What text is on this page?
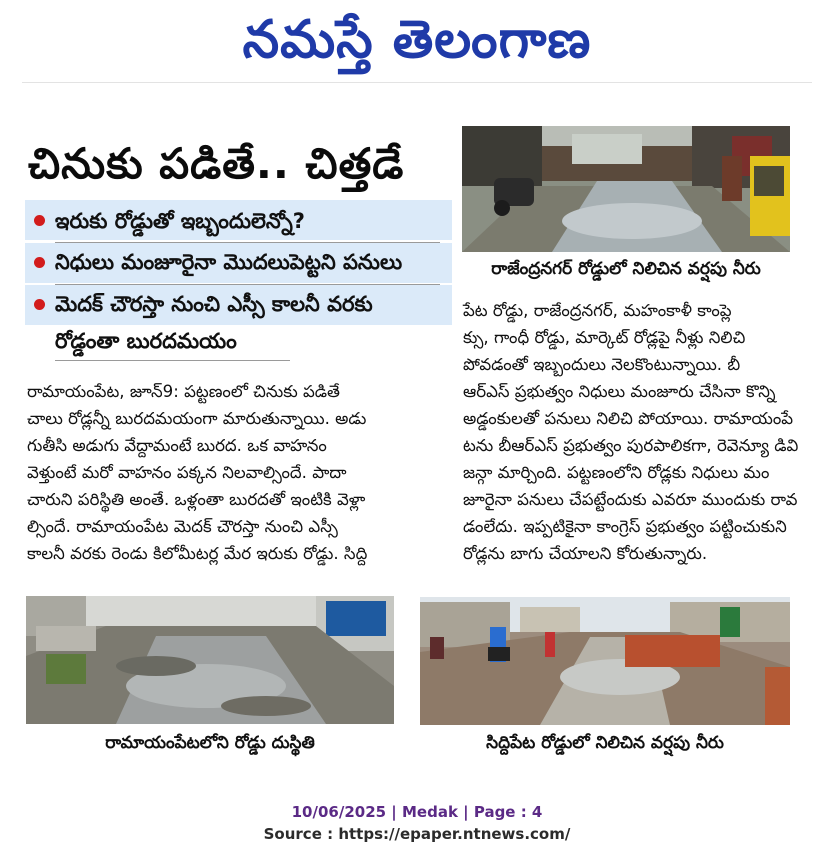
నమస్తే తెలంగాణ
చినుకు పడితే.. చిత్తడే
ఇరుకు రోడ్డుతో ఇబ్బందులెన్నో?
నిధులు మంజూరైనా మొదలుపెట్టని పనులు
మెదక్ చౌరస్తా నుంచి ఎస్సీ కాలనీ వరకు
రోడ్డంతా బురదమయం
రామాయంపేట, జూన్9: పట్టణంలో చినుకు పడితే
చాలు రోడ్లన్నీ బురదమయంగా మారుతున్నాయి. అడు
గుతీసి అడుగు వేద్దామంటే బురద. ఒక వాహనం
వెళ్తుంటే మరో వాహనం పక్కన నిలవాల్సిందే. పాదా
చారుని పరిస్థితి అంతే. ఒళ్లంతా బురదతో ఇంటికి వెళ్లా
ల్సిందే. రామాయంపేట మెదక్ చౌరస్తా నుంచి ఎస్సీ
కాలనీ వరకు రెండు కిలోమీటర్ల మేర ఇరుకు రోడ్డు. సిద్ది
పేట రోడ్డు, రాజేంద్రనగర్, మహంకాళీ కాంప్లె
క్సు, గాంధీ రోడ్డు, మార్కెట్ రోడ్లపై నీళ్లు నిలిచి
పోవడంతో ఇబ్బందులు నెలకొంటున్నాయి. బీ
ఆర్ఎస్ ప్రభుత్వం నిధులు మంజూరు చేసినా కొన్ని
అడ్డంకులతో పనులు నిలిచి పోయాయి. రామాయంపే
టను బీఆర్ఎస్ ప్రభుత్వం పురపాలికగా, రెవెన్యూ డివి
జన్గా మార్చింది. పట్టణంలోని రోడ్లకు నిధులు మం
జూరైనా పనులు చేపట్టేందుకు ఎవరూ ముందుకు రావ
డంలేదు. ఇప్పటికైనా కాంగ్రెస్ ప్రభుత్వం పట్టించుకుని
రోడ్లను బాగు చేయాలని కోరుతున్నారు.
రాజేంద్రనగర్ రోడ్డులో నిలిచిన వర్షపు నీరు
రామాయంపేటలోని రోడ్డు దుస్థితి	సిద్దిపేట రోడ్డులో నిలిచిన వర్షపు నీరు
10/06/2025 | Medak | Page : 4
Source : https://epaper.ntnews.com/
